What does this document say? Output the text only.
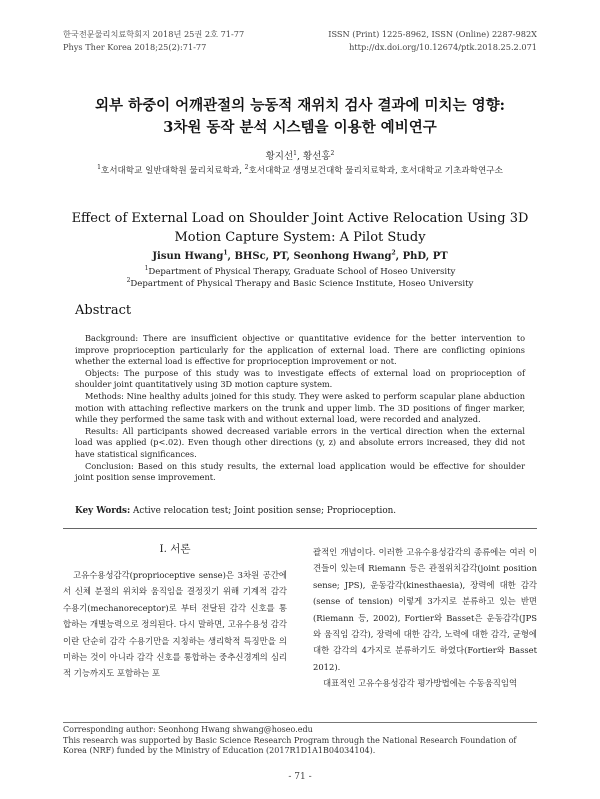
한국전문물리치료학회지 2018년 25권 2호 71-77
Phys Ther Korea 2018;25(2):71-77
ISSN (Print) 1225-8962, ISSN (Online) 2287-982X
http://dx.doi.org/10.12674/ptk.2018.25.2.071
외부 하중이 어깨관절의 능동적 재위치 검사 결과에 미치는 영향:
3차원 동작 분석 시스템을 이용한 예비연구
황지선$^1$, 황선홍$^2$
$^1$호서대학교 일반대학원 물리치료학과, $^2$호서대학교 생명보건대학 물리치료학과, 호서대학교 기초과학연구소
Effect of External Load on Shoulder Joint Active Relocation Using 3D
Motion Capture System: A Pilot Study
Jisun Hwang$^1$, BHSc, PT, Seonhong Hwang$^2$, PhD, PT
$^1$Department of Physical Therapy, Graduate School of Hoseo University
$^2$Department of Physical Therapy and Basic Science Institute, Hoseo University
Abstract

Background: There are insufficient objective or quantitative evidence for the better intervention to improve proprioception particularly for the application of external load. There are conflicting opinions whether the external load is effective for proprioception improvement or not.

Objects: The purpose of this study was to investigate effects of external load on proprioception of shoulder joint quantitatively using 3D motion capture system.

Methods: Nine healthy adults joined for this study. They were asked to perform scapular plane abduction motion with attaching reflective markers on the trunk and upper limb. The 3D positions of finger marker, while they performed the same task with and without external load, were recorded and analyzed.

Results: All participants showed decreased variable errors in the vertical direction when the external load was applied (p<.02). Even though other directions (y, z) and absolute errors increased, they did not have statistical significances.

Conclusion: Based on this study results, the external load application would be effective for shoulder joint position sense improvement.

Key Words: Active relocation test; Joint position sense; Proprioception.
Ⅰ. 서론

고유수용성감각(proprioceptive sense)은 3차원 공간에서 신체 분절의 위치와 움직임을 결정짓기 위해 기계적 감각 수용기(mechanoreceptor)로 부터 전달된 감각 신호를 통합하는 개별능력으로 정의된다. 다시 말하면, 고유수용성 감각이란 단순히 감각 수용기만을 지칭하는 생리학적 특징만을 의미하는 것이 아니라 감각 신호를 통합하는 중추신경계의 심리적 기능까지도 포함하는 포

괄적인 개념이다. 이러한 고유수용성감각의 종류에는 여러 이견들이 있는데 Riemann 등은 관절위치감각(joint position sense; JPS), 운동감각(kinesthaesia), 장력에 대한 감각(sense of tension) 이렇게 3가지로 분류하고 있는 반면(Riemann 등, 2002), Fortier와 Basset은 운동감각(JPS와 움직임 감각), 장력에 대한 감각, 노력에 대한 감각, 균형에 대한 감각의 4가지로 분류하기도 하였다(Fortier와 Basset 2012).

대표적인 고유수용성감각 평가방법에는 수동움직임역

Corresponding author: Seonhong Hwang shwang@hoseo.edu

This research was supported by Basic Science Research Program through the National Research Foundation of Korea (NRF) funded by the Ministry of Education (2017R1D1A1B04034104).

- 71 -
